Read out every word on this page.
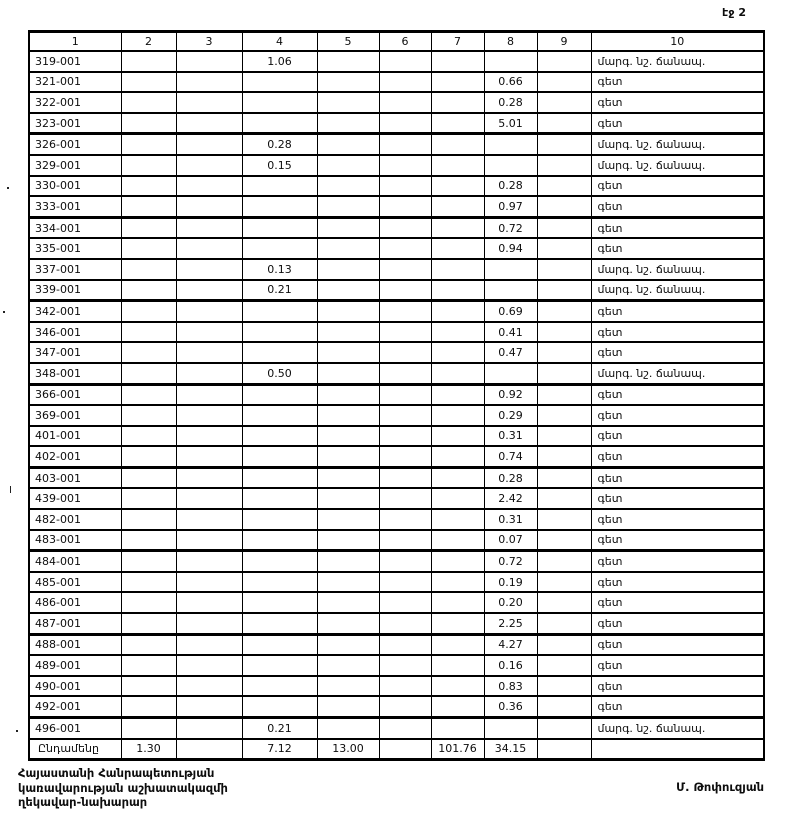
էջ 2
1	2	3	4	5	6	7	8	9	10
319-001			1.06						մարգ. նշ. ճանապ.
321-001							0.66		գետ
322-001							0.28		գետ
323-001							5.01		գետ
326-001			0.28						մարգ. նշ. ճանապ.
329-001			0.15						մարգ. նշ. ճանապ.
330-001							0.28		գետ
333-001							0.97		գետ
334-001							0.72		գետ
335-001							0.94		գետ
337-001			0.13						մարգ. նշ. ճանապ.
339-001			0.21						մարգ. նշ. ճանապ.
342-001							0.69		գետ
346-001							0.41		գետ
347-001							0.47		գետ
348-001			0.50						մարգ. նշ. ճանապ.
366-001							0.92		գետ
369-001							0.29		գետ
401-001							0.31		գետ
402-001							0.74		գետ
403-001							0.28		գետ
439-001							2.42		գետ
482-001							0.31		գետ
483-001							0.07		գետ
484-001							0.72		գետ
485-001							0.19		գետ
486-001							0.20		գետ
487-001							2.25		գետ
488-001							4.27		գետ
489-001							0.16		գետ
490-001							0.83		գետ
492-001							0.36		գետ
496-001			0.21						մարգ. նշ. ճանապ.
Ընդամենը	1.30		7.12	13.00		101.76	34.15		
Հայաստանի Հանրապետության
կառավարության աշխատակազմի
ղեկավար-նախարար
Մ. Թոփուզյան
